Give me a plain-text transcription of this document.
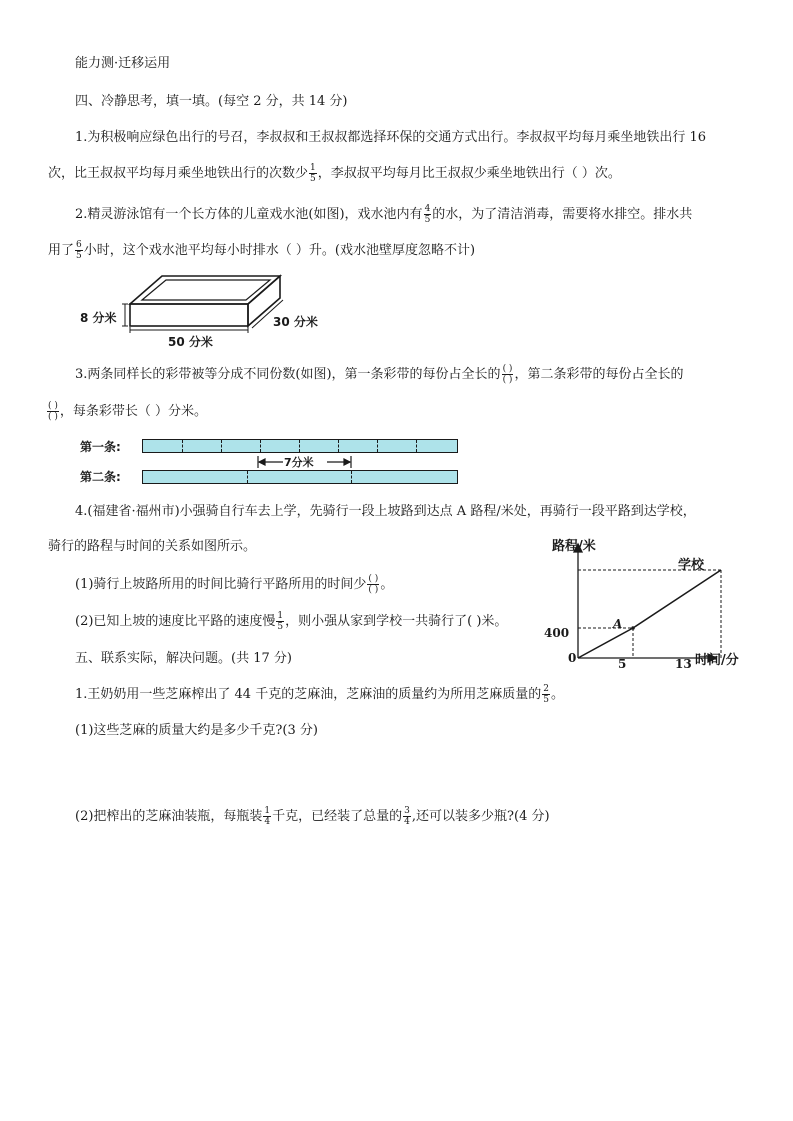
能力测·迁移运用
四、冷静思考，填一填。(每空 2 分，共 14 分)
1.为积极响应绿色出行的号召，李叔叔和王叔叔都选择环保的交通方式出行。李叔叔平均每月乘坐地铁出行 16
次，比王叔叔平均每月乘坐地铁出行的次数少 $\frac{1}{5}$ ，李叔叔平均每月比王叔叔少乘坐地铁出行（ ）次。
2.精灵游泳馆有一个长方体的儿童戏水池(如图)，戏水池内有 $\frac{4}{5}$ 的水，为了清洁消毒，需要将水排空。排水共
用了 $\frac{6}{5}$ 小时，这个戏水池平均每小时排水（ ）升。(戏水池壁厚度忽略不计)
8 分米
50 分米
30 分米
3.两条同样长的彩带被等分成不同份数(如图)，第一条彩带的每份占全长的 $\frac{( )}{( )}$ ，第二条彩带的每份占全长的
$\frac{( )}{( )}$ ，每条彩带长（ ）分米。
第一条:
第二条:
7分米
4.(福建省·福州市)小强骑自行车去上学，先骑行一段上坡路到达点 A 路程/米处，再骑行一段平路到达学校，
骑行的路程与时间的关系如图所示。
(1)骑行上坡路所用的时间比骑行平路所用的时间少 $\frac{( )}{( )}$ 。
(2)已知上坡的速度比平路的速度慢 $\frac{1}{5}$ ，则小强从家到学校一共骑行了( )米。
路程/米
时间/分
0	5	13
400
A
学校
五、联系实际，解决问题。(共 17 分)
1.王奶奶用一些芝麻榨出了 44 千克的芝麻油，芝麻油的质量约为所用芝麻质量的 $\frac{2}{5}$ 。
(1)这些芝麻的质量大约是多少千克?(3 分)
(2)把榨出的芝麻油装瓶，每瓶装 $\frac{1}{4}$ 千克，已经装了总量的 $\frac{3}{4}$ ,还可以装多少瓶?(4 分)
